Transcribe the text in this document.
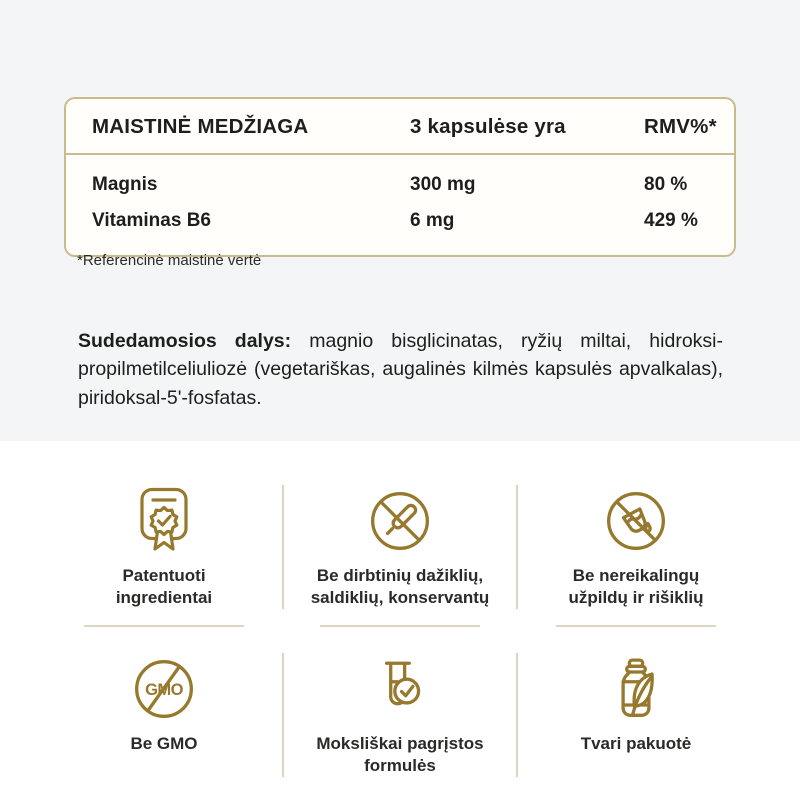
MAISTINĖ MEDŽIAGA	3 kapsulėse yra	RMV%*
Magnis	300 mg	80 %
Vitaminas B6	6 mg	429 %
*Referencinė maistinė vertė

Sudedamosios dalys: magnio bisglicinatas, ryžių miltai, hidroksi-propilmetilceliuliozė (vegetariškas, augalinės kilmės kapsulės apvalkalas), piridoksal-5'-fosfatas.

Patentuoti
ingredientai
Be dirbtinių dažiklių,
saldiklių, konservantų
Be nereikalingų
užpildų ir rišiklių
GMO
Be GMO	Moksliškai pagrįstos
formulės
Tvari pakuotė
